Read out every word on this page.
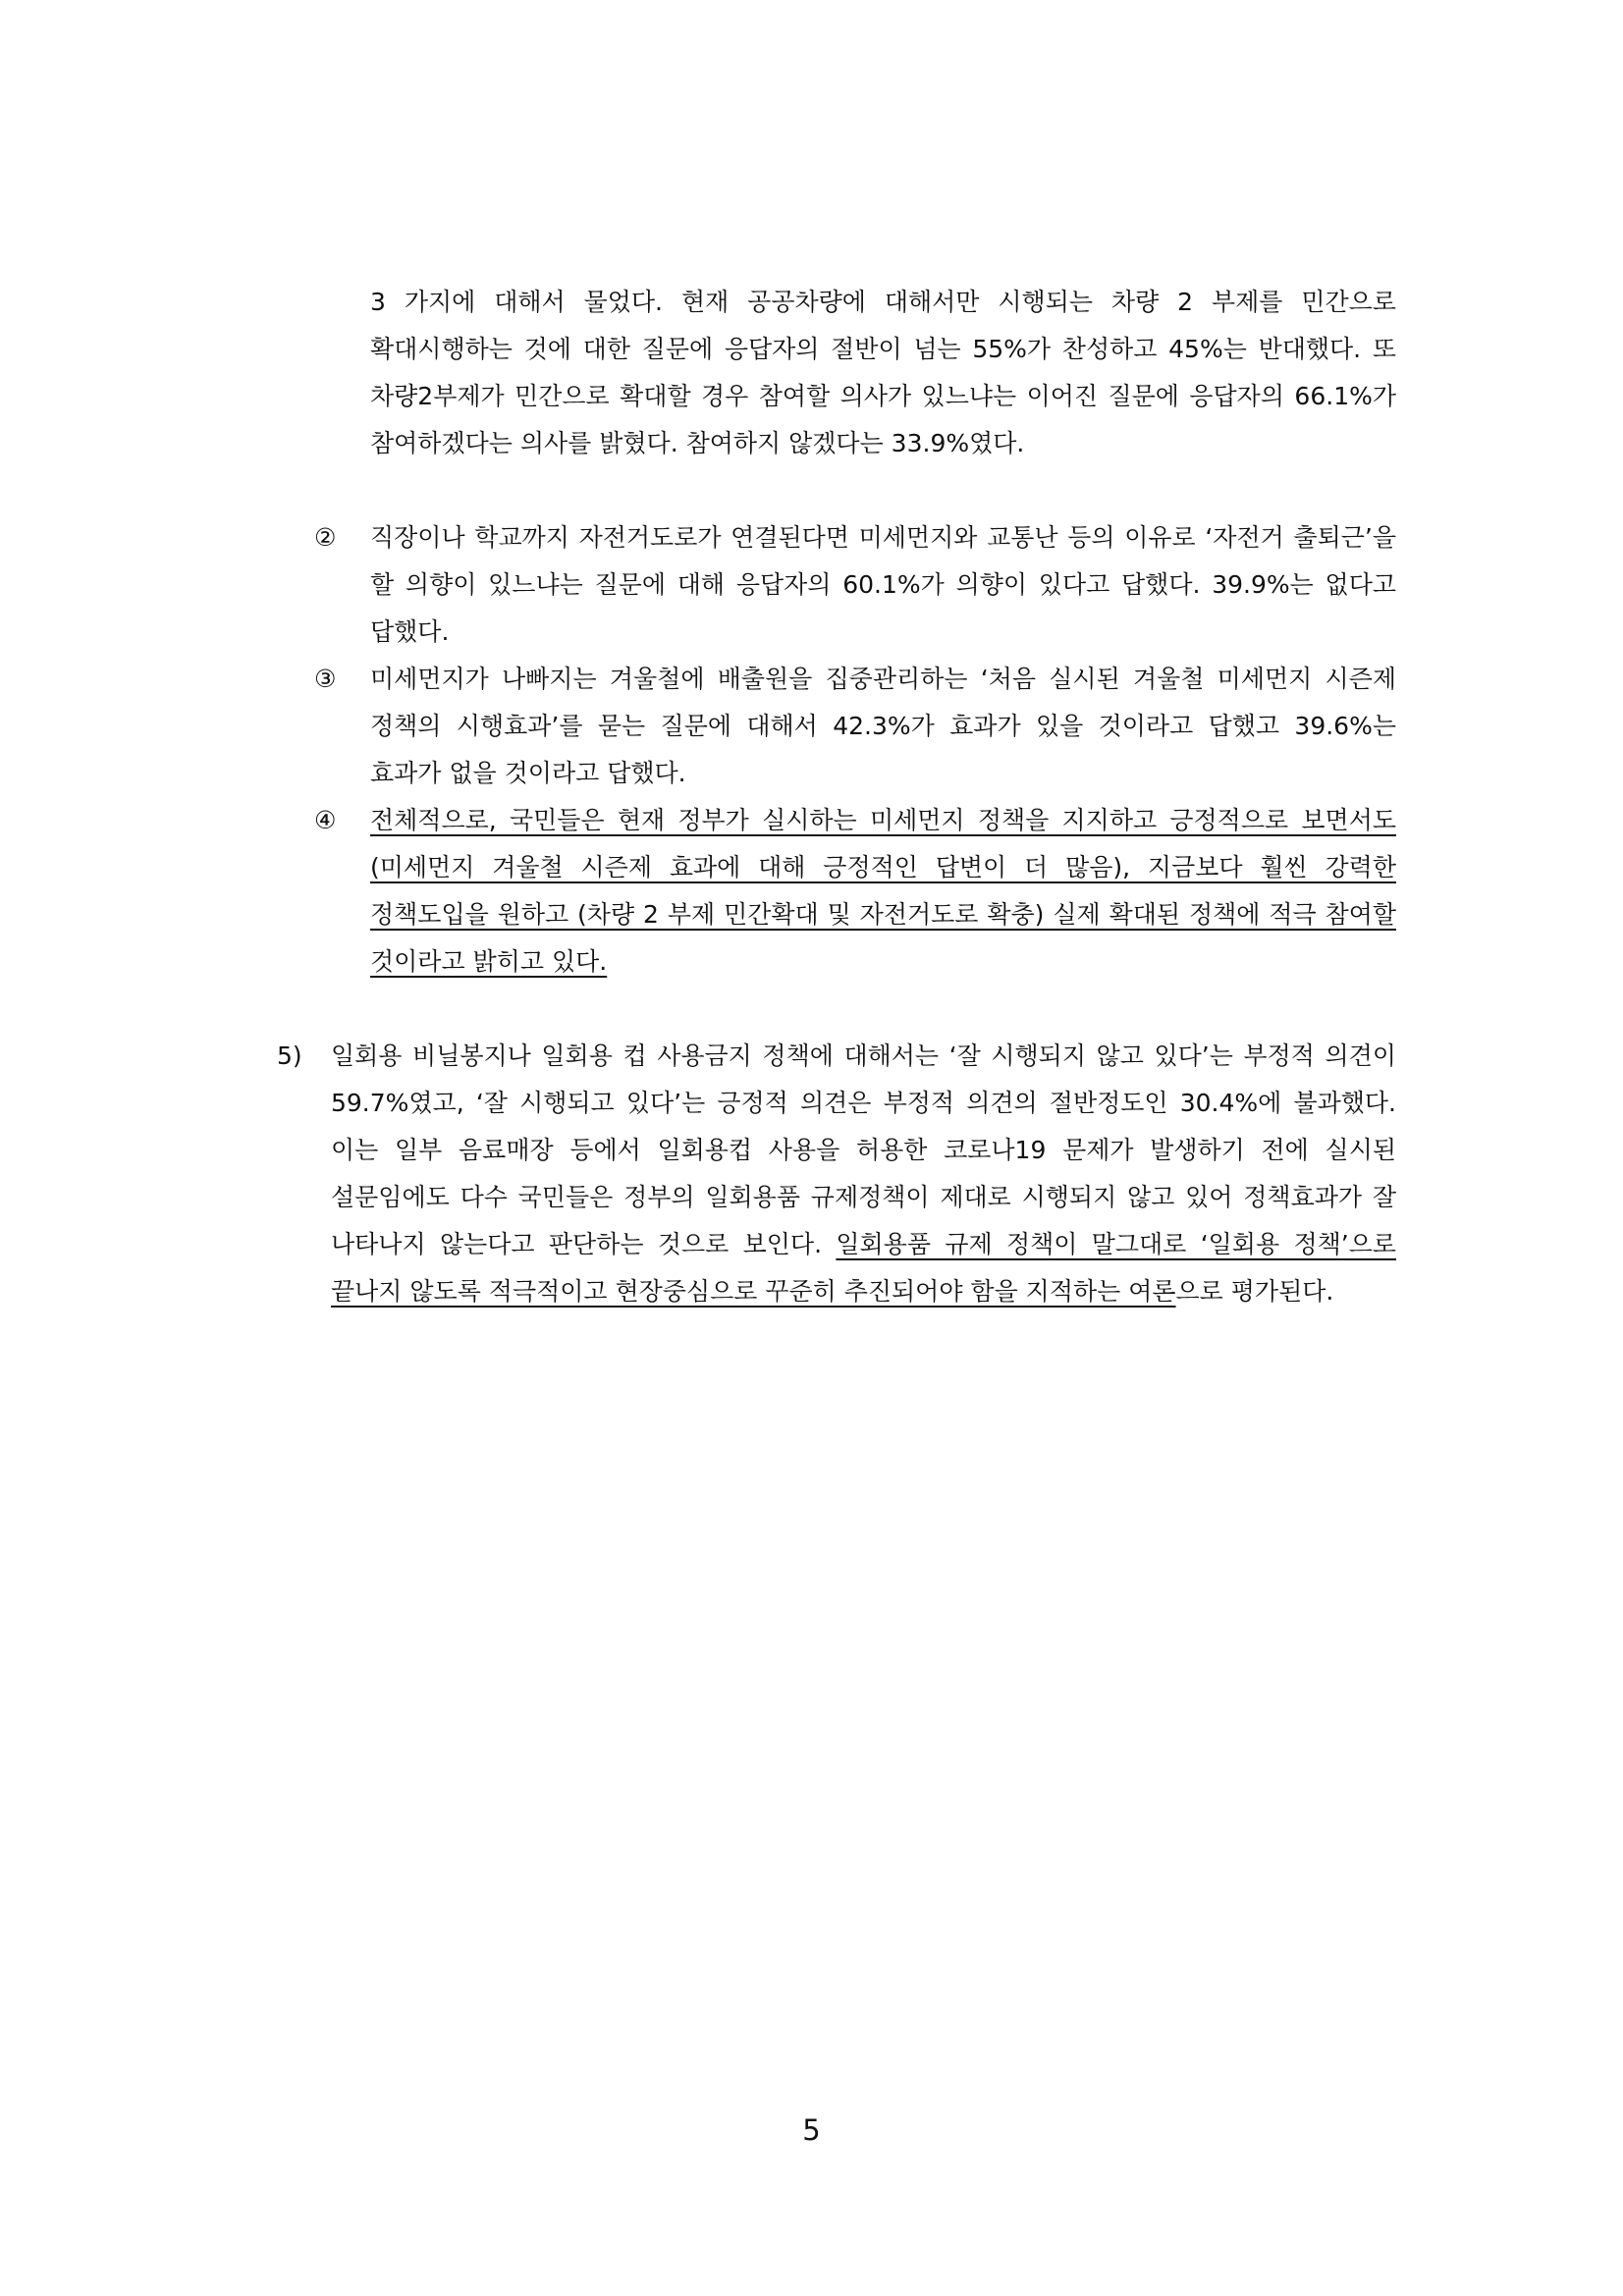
3 가지에 대해서 물었다. 현재 공공차량에 대해서만 시행되는 차량 2 부제를 민간으로 확대시행하는 것에 대한 질문에 응답자의 절반이 넘는 55%가 찬성하고 45%는 반대했다. 또 차량2부제가 민간으로 확대할 경우 참여할 의사가 있느냐는 이어진 질문에 응답자의 66.1%가 참여하겠다는 의사를 밝혔다. 참여하지 않겠다는 33.9%였다.

② 직장이나 학교까지 자전거도로가 연결된다면 미세먼지와 교통난 등의 이유로 ‘자전거 출퇴근’을 할 의향이 있느냐는 질문에 대해 응답자의 60.1%가 의향이 있다고 답했다. 39.9%는 없다고 답했다.

③ 미세먼지가 나빠지는 겨울철에 배출원을 집중관리하는 ‘처음 실시된 겨울철 미세먼지 시즌제 정책의 시행효과’를 묻는 질문에 대해서 42.3%가 효과가 있을 것이라고 답했고 39.6%는 효과가 없을 것이라고 답했다.

④ 전체적으로, 국민들은 현재 정부가 실시하는 미세먼지 정책을 지지하고 긍정적으로 보면서도 (미세먼지 겨울철 시즌제 효과에 대해 긍정적인 답변이 더 많음), 지금보다 훨씬 강력한 정책도입을 원하고 (차량 2 부제 민간확대 및 자전거도로 확충) 실제 확대된 정책에 적극 참여할 것이라고 밝히고 있다.

5) 일회용 비닐봉지나 일회용 컵 사용금지 정책에 대해서는 ‘잘 시행되지 않고 있다’는 부정적 의견이 59.7%였고, ‘잘 시행되고 있다’는 긍정적 의견은 부정적 의견의 절반정도인 30.4%에 불과했다. 이는 일부 음료매장 등에서 일회용컵 사용을 허용한 코로나19 문제가 발생하기 전에 실시된 설문임에도 다수 국민들은 정부의 일회용품 규제정책이 제대로 시행되지 않고 있어 정책효과가 잘 나타나지 않는다고 판단하는 것으로 보인다. 일회용품 규제 정책이 말그대로 ‘일회용 정책’으로 끝나지 않도록 적극적이고 현장중심으로 꾸준히 추진되어야 함을 지적하는 여론으로 평가된다.

5
